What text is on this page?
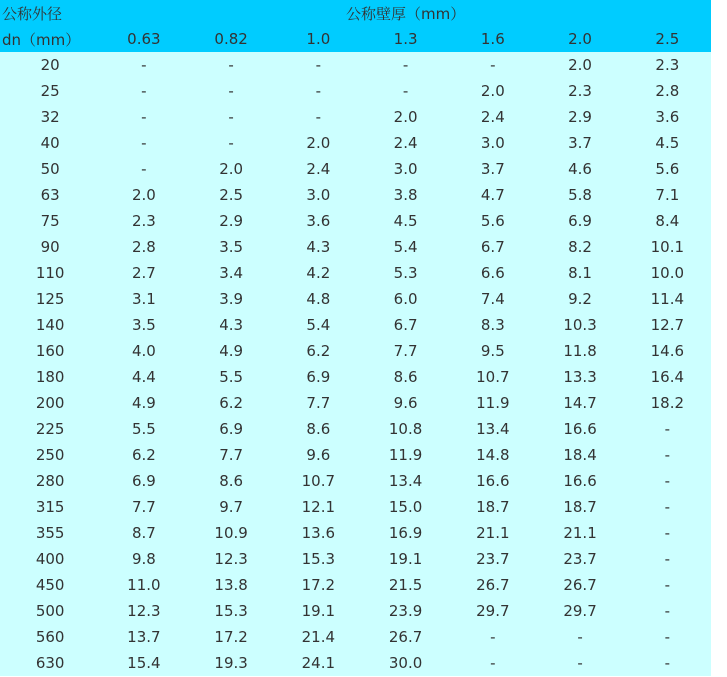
公称外径	公称壁厚（mm）						
dn（mm）	0.63	0.82	1.0	1.3	1.6	2.0	2.5
20	-	-	-	-	-	2.0	2.3
25	-	-	-	-	2.0	2.3	2.8
32	-	-	-	2.0	2.4	2.9	3.6
40	-	-	2.0	2.4	3.0	3.7	4.5
50	-	2.0	2.4	3.0	3.7	4.6	5.6
63	2.0	2.5	3.0	3.8	4.7	5.8	7.1
75	2.3	2.9	3.6	4.5	5.6	6.9	8.4
90	2.8	3.5	4.3	5.4	6.7	8.2	10.1
110	2.7	3.4	4.2	5.3	6.6	8.1	10.0
125	3.1	3.9	4.8	6.0	7.4	9.2	11.4
140	3.5	4.3	5.4	6.7	8.3	10.3	12.7
160	4.0	4.9	6.2	7.7	9.5	11.8	14.6
180	4.4	5.5	6.9	8.6	10.7	13.3	16.4
200	4.9	6.2	7.7	9.6	11.9	14.7	18.2
225	5.5	6.9	8.6	10.8	13.4	16.6	-
250	6.2	7.7	9.6	11.9	14.8	18.4	-
280	6.9	8.6	10.7	13.4	16.6	16.6	-
315	7.7	9.7	12.1	15.0	18.7	18.7	-
355	8.7	10.9	13.6	16.9	21.1	21.1	-
400	9.8	12.3	15.3	19.1	23.7	23.7	-
450	11.0	13.8	17.2	21.5	26.7	26.7	-
500	12.3	15.3	19.1	23.9	29.7	29.7	-
560	13.7	17.2	21.4	26.7	-	-	-
630	15.4	19.3	24.1	30.0	-	-	-
